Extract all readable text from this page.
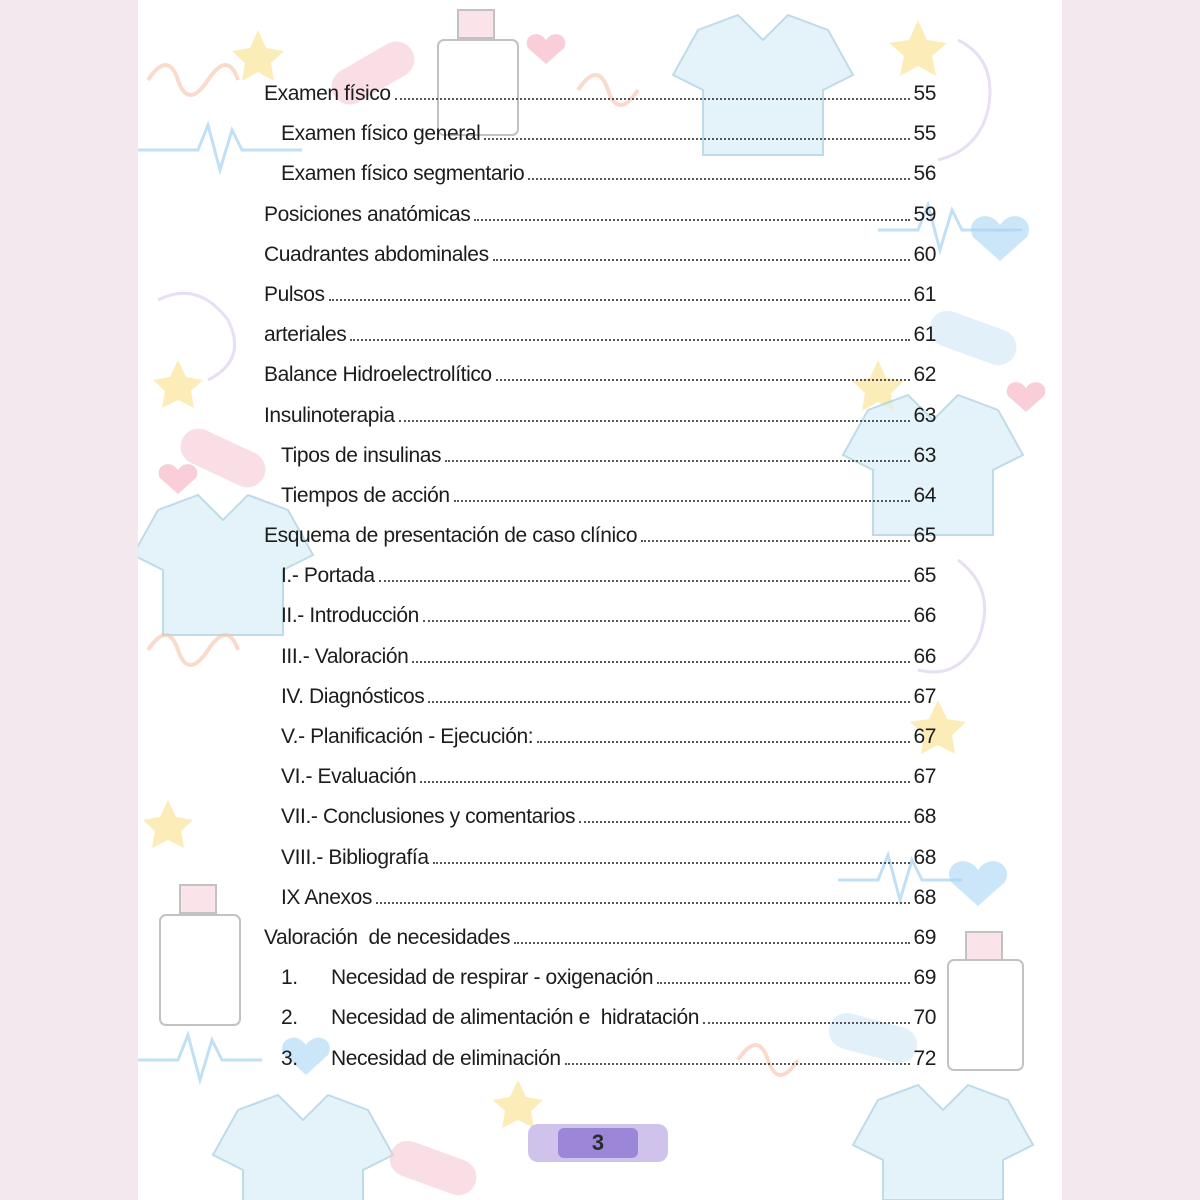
Examen físico	55
Examen físico general	55
Examen físico segmentario	56
Posiciones anatómicas	59
Cuadrantes abdominales	60
Pulsos	61
arteriales	61
Balance Hidroelectrolítico	62
Insulinoterapia	63
Tipos de insulinas	63
Tiempos de acción	64
Esquema de presentación de caso clínico	65
I.- Portada	65
II.- Introducción	66
III.- Valoración	66
IV. Diagnósticos	67
V.- Planificación - Ejecución:	67
VI.- Evaluación	67
VII.- Conclusiones y comentarios	68
VIII.- Bibliografía	68
IX Anexos	68
Valoración  de necesidades	69
1.	Necesidad de respirar - oxigenación	69
2.	Necesidad de alimentación e  hidratación	70
3.	Necesidad de eliminación	72
3
